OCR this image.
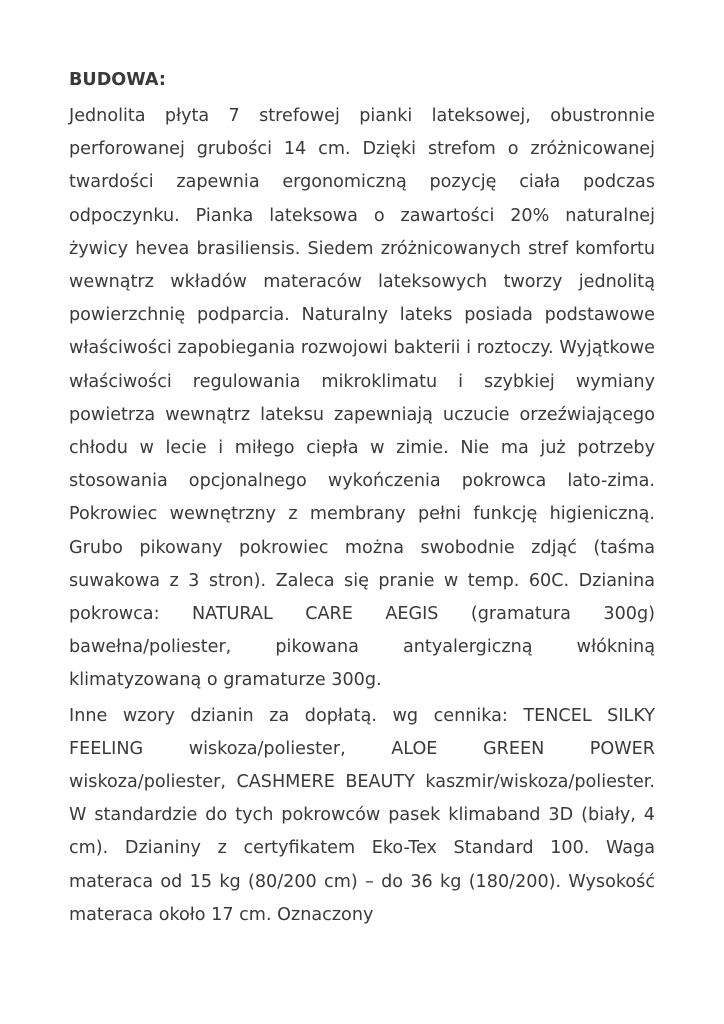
BUDOWA:

Jednolita płyta 7 strefowej pianki lateksowej, obustronnie perforowanej grubości 14 cm. Dzięki strefom o zróżnicowanej twardości zapewnia ergonomiczną pozycję ciała podczas odpoczynku. Pianka lateksowa o zawartości 20% naturalnej żywicy hevea brasiliensis. Siedem zróżnicowanych stref komfortu wewnątrz wkładów materaców lateksowych tworzy jednolitą powierzchnię podparcia. Naturalny lateks posiada podstawowe właściwości zapobiegania rozwojowi bakterii i roztoczy. Wyjątkowe właściwości regulowania mikroklimatu i szybkiej wymiany powietrza wewnątrz lateksu zapewniają uczucie orzeźwiającego chłodu w lecie i miłego ciepła w zimie. Nie ma już potrzeby stosowania opcjonalnego wykończenia pokrowca lato-zima. Pokrowiec wewnętrzny z membrany pełni funkcję higieniczną. Grubo pikowany pokrowiec można swobodnie zdjąć (taśma suwakowa z 3 stron). Zaleca się pranie w temp. 60C. Dzianina pokrowca: NATURAL CARE AEGIS (gramatura 300g) bawełna/poliester, pikowana antyalergiczną włókniną klimatyzowaną o gramaturze 300g.

Inne wzory dzianin za dopłatą. wg cennika: TENCEL SILKY FEELING wiskoza/poliester, ALOE GREEN POWER wiskoza/poliester, CASHMERE BEAUTY kaszmir/wiskoza/poliester. W standardzie do tych pokrowców pasek klimaband 3D (biały, 4 cm). Dzianiny z certyfikatem Eko-Tex Standard 100. Waga materaca od 15 kg (80/200 cm) – do 36 kg (180/200). Wysokość materaca około 17 cm. Oznaczony
